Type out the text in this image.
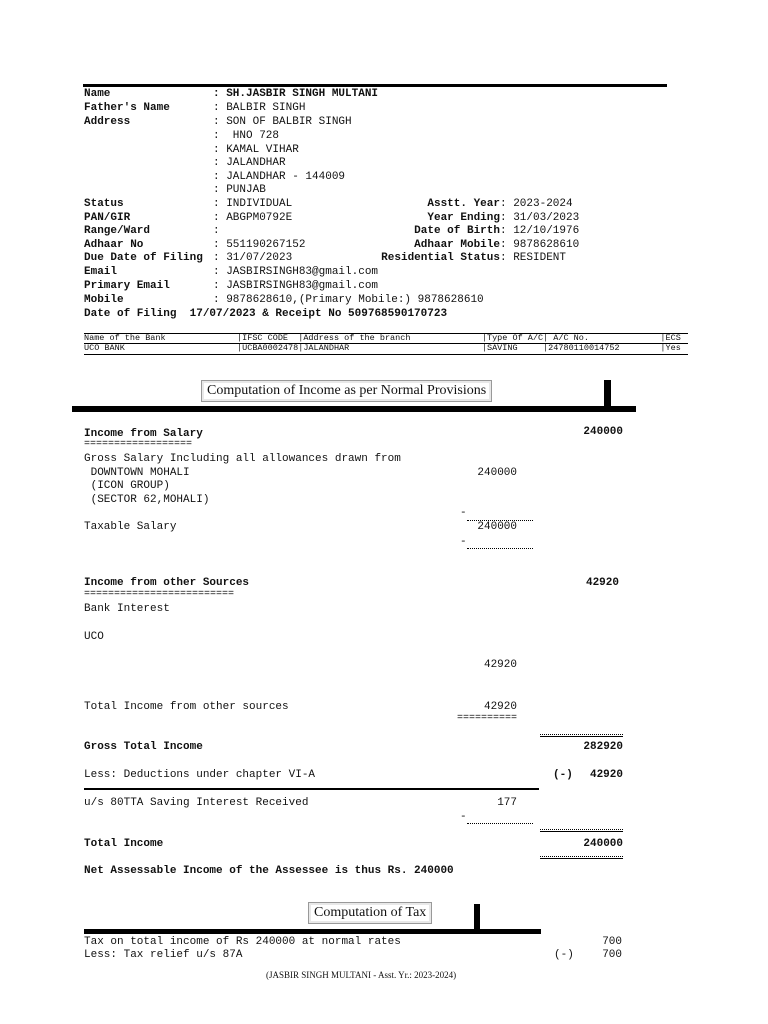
Name	: SH.JASBIR SINGH MULTANI
Father's Name	: BALBIR SINGH
Address	: SON OF BALBIR SINGH
:  HNO 728
: KAMAL VIHAR
: JALANDHAR
: JALANDHAR - 144009
: PUNJAB
Status	: INDIVIDUAL	Asstt. Year : 2023-2024
PAN/GIR	: ABGPM0792E	Year Ending : 31/03/2023
Range/Ward	:	Date of Birth : 12/10/1976
Adhaar No	: 551190267152	Adhaar Mobile : 9878628610
Due Date of Filing : 31/07/2023	Residential Status : RESIDENT
Email	: JASBIRSINGH83@gmail.com
Primary Email	: JASBIRSINGH83@gmail.com
Mobile	: 9878628610,(Primary Mobile:) 9878628610
Date of Filing  17/07/2023 & Receipt No 509768590170723
Name of the Bank              |IFSC CODE  |Address of the branch              |Type Of A/C| A/C No.              |ECS
UCO BANK                      |UCBA0002478|JALANDHAR                          |SAVING     |24780110014752        |Yes
Computation of Income as per Normal Provisions
Income from Salary	240000
==================
Gross Salary Including all allowances drawn from
DOWNTOWN MOHALI
(ICON GROUP)
(SECTOR 62,MOHALI)
240000
-
Taxable Salary	240000
-
Income from other Sources	42920
=========================
Bank Interest
UCO
42920
Total Income from other sources	42920
==========
Gross Total Income	282920
Less: Deductions under chapter VI-A	(-)	42920
u/s 80TTA Saving Interest Received	177
-
Total Income	240000
Net Assessable Income of the Assessee is thus Rs. 240000
Computation of Tax
Tax on total income of Rs 240000 at normal rates	700
Less: Tax relief u/s 87A	(-)	700
(JASBIR SINGH MULTANI - Asst. Yr.: 2023-2024)
